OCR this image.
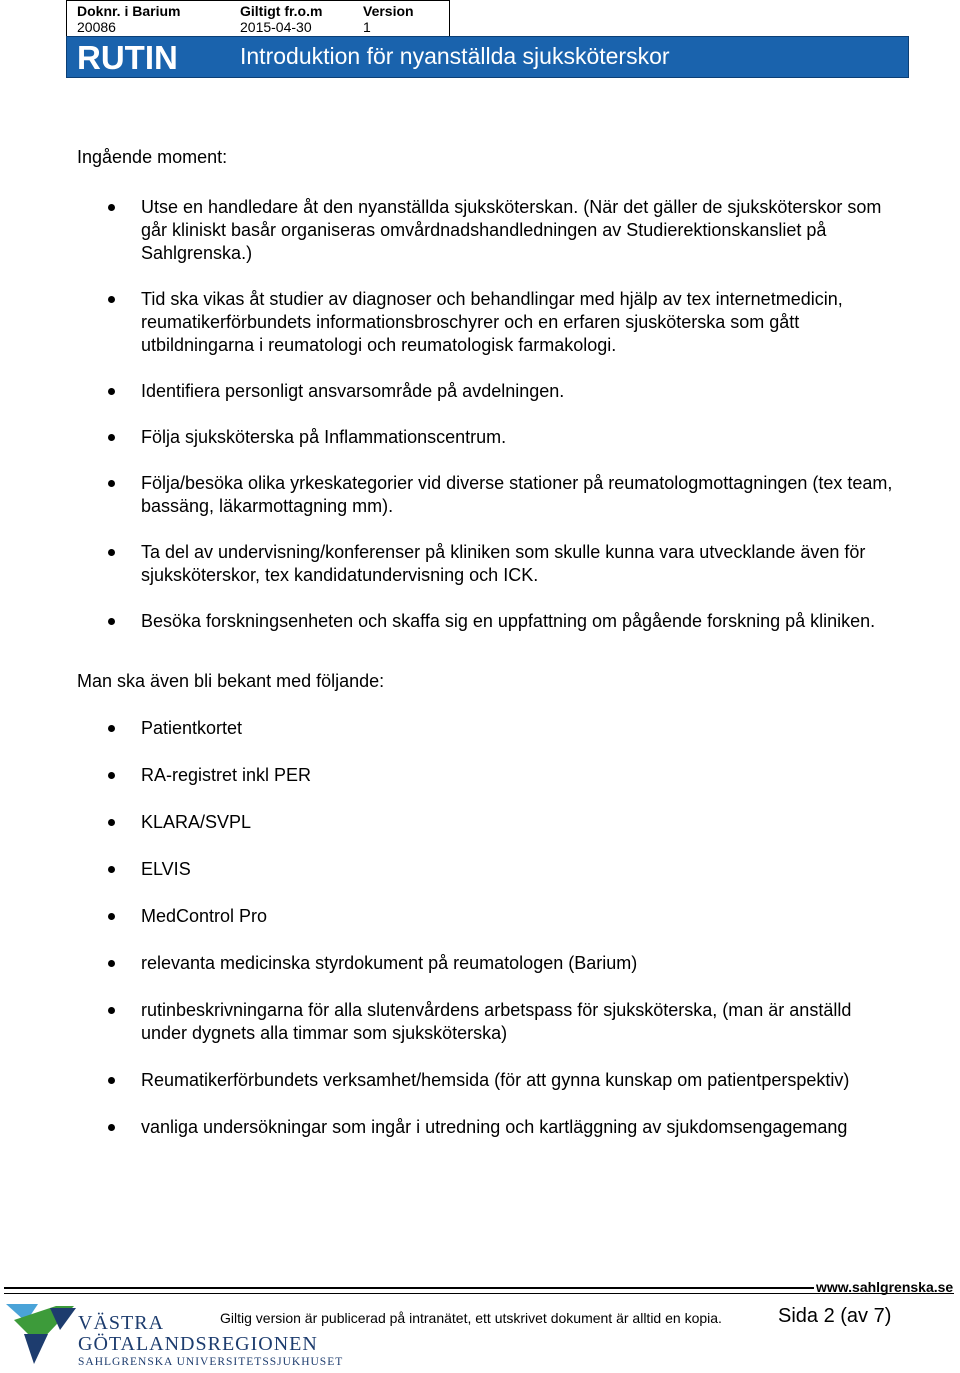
Doknr. i Barium
20086
Giltigt fr.o.m
2015-04-30
Version
1
RUTIN	Introduktion för nyanställda sjuksköterskor

Ingående moment:

Utse en handledare åt den nyanställda sjuksköterskan. (När det gäller de sjuksköterskor som går kliniskt basår organiseras omvårdnadshandledningen av Studierektionskansliet på Sahlgrenska.)
Tid ska vikas åt studier av diagnoser och behandlingar med hjälp av tex internetmedicin, reumatikerförbundets informationsbroschyrer och en erfaren sjusköterska som gått utbildningarna i reumatologi och reumatologisk farmakologi.
Identifiera personligt ansvarsområde på avdelningen.
Följa sjuksköterska på Inflammationscentrum.
Följa/besöka olika yrkeskategorier vid diverse stationer på reumatologmottagningen (tex team, bassäng, läkarmottagning mm).
Ta del av undervisning/konferenser på kliniken som skulle kunna vara utvecklande även för sjuksköterskor, tex kandidatundervisning och ICK.
Besöka forskningsenheten och skaffa sig en uppfattning om pågående forskning på kliniken.

Man ska även bli bekant med följande:

Patientkortet
RA-registret inkl PER
KLARA/SVPL
ELVIS
MedControl Pro
relevanta medicinska styrdokument på reumatologen (Barium)
rutinbeskrivningarna för alla slutenvårdens arbetspass för sjuksköterska, (man är anställd under dygnets alla timmar som sjuksköterska)
Reumatikerförbundets verksamhet/hemsida (för att gynna kunskap om patientperspektiv)
vanliga undersökningar som ingår i utredning och kartläggning av sjukdomsengagemang
www.sahlgrenska.se
VÄSTRA
GÖTALANDSREGIONEN
SAHLGRENSKA UNIVERSITETSSJUKHUSET
Giltig version är publicerad på intranätet, ett utskrivet dokument är alltid en kopia.	Sida 2 (av 7)
